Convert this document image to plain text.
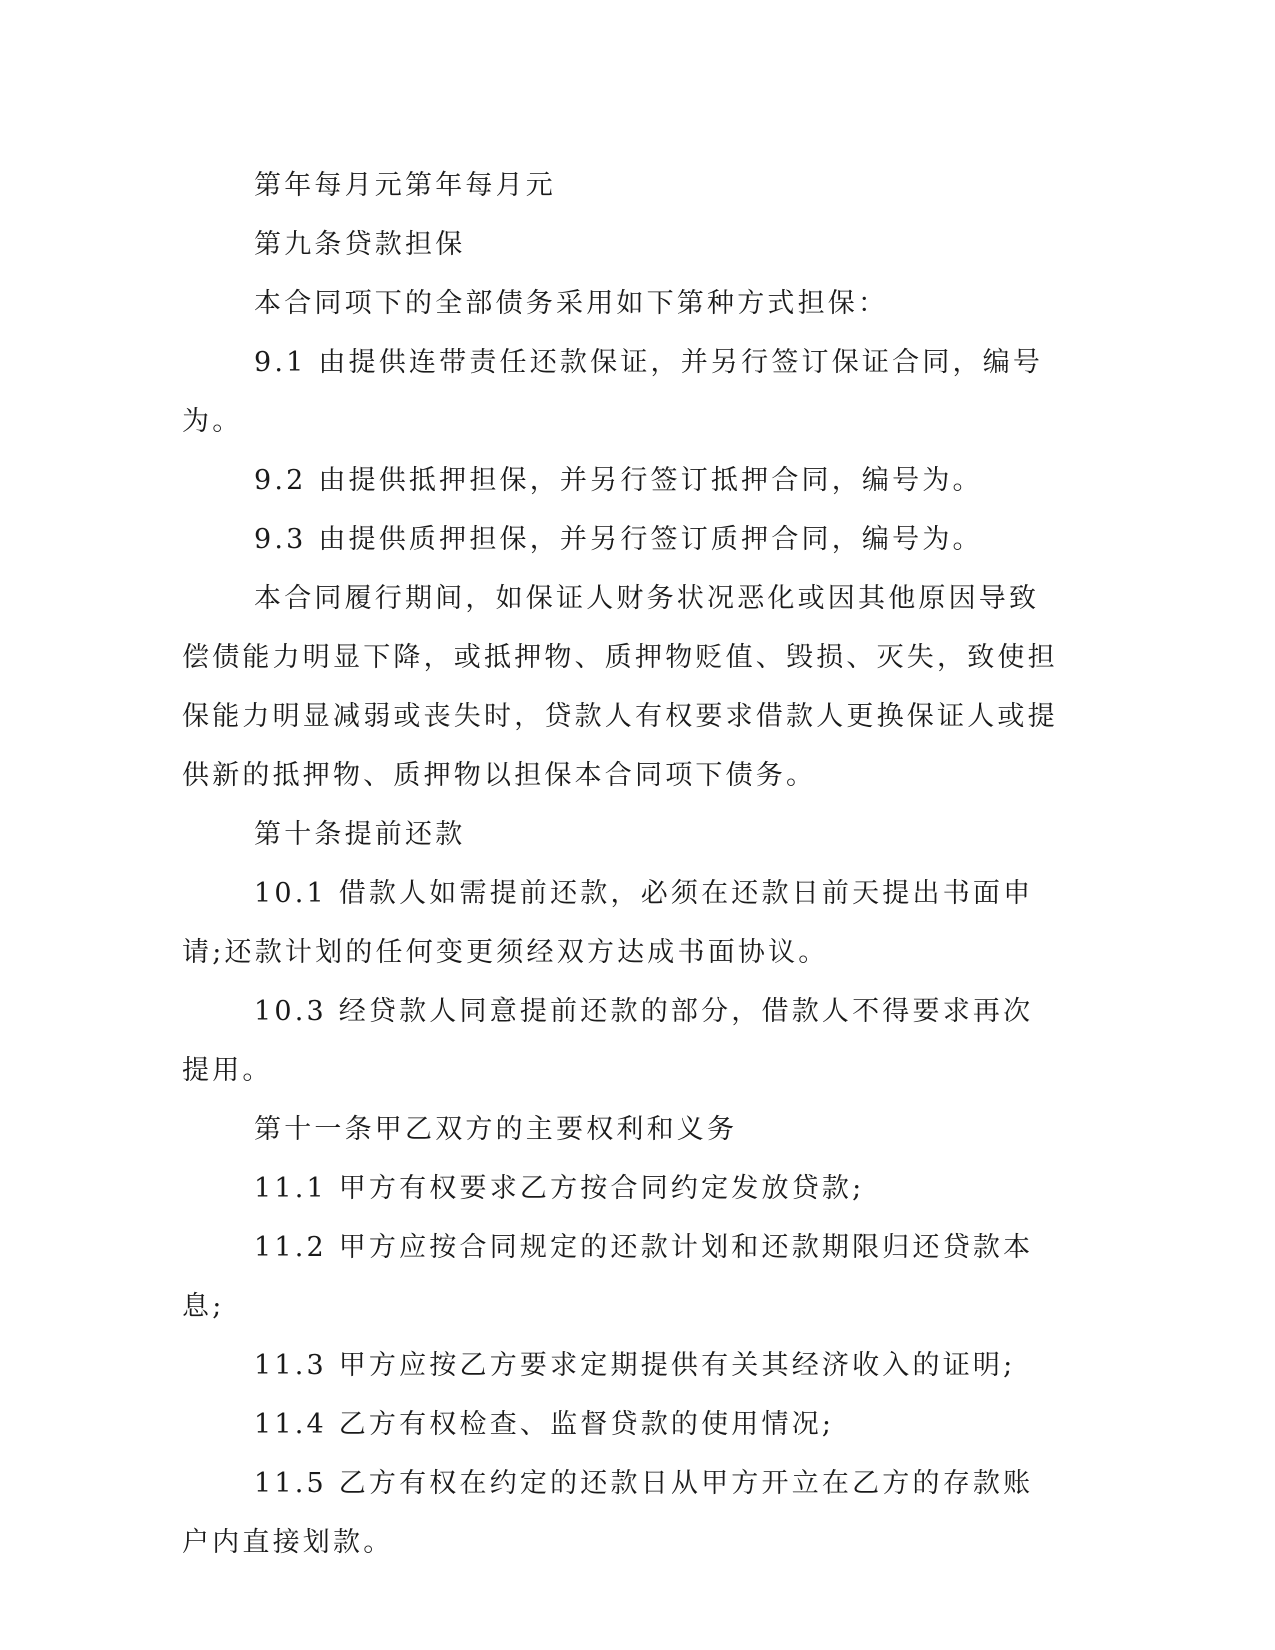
第年每月元第年每月元

第九条贷款担保

本合同项下的全部债务采用如下第种方式担保：

9.1 由提供连带责任还款保证，并另行签订保证合同，编号为。

9.2 由提供抵押担保，并另行签订抵押合同，编号为。

9.3 由提供质押担保，并另行签订质押合同，编号为。

本合同履行期间，如保证人财务状况恶化或因其他原因导致偿债能力明显下降，或抵押物、质押物贬值、毁损、灭失，致使担保能力明显减弱或丧失时，贷款人有权要求借款人更换保证人或提供新的抵押物、质押物以担保本合同项下债务。

第十条提前还款

10.1 借款人如需提前还款，必须在还款日前天提出书面申请;还款计划的任何变更须经双方达成书面协议。

10.3 经贷款人同意提前还款的部分，借款人不得要求再次提用。

第十一条甲乙双方的主要权利和义务

11.1 甲方有权要求乙方按合同约定发放贷款;

11.2 甲方应按合同规定的还款计划和还款期限归还贷款本息;

11.3 甲方应按乙方要求定期提供有关其经济收入的证明;

11.4 乙方有权检查、监督贷款的使用情况;

11.5 乙方有权在约定的还款日从甲方开立在乙方的存款账户内直接划款。
